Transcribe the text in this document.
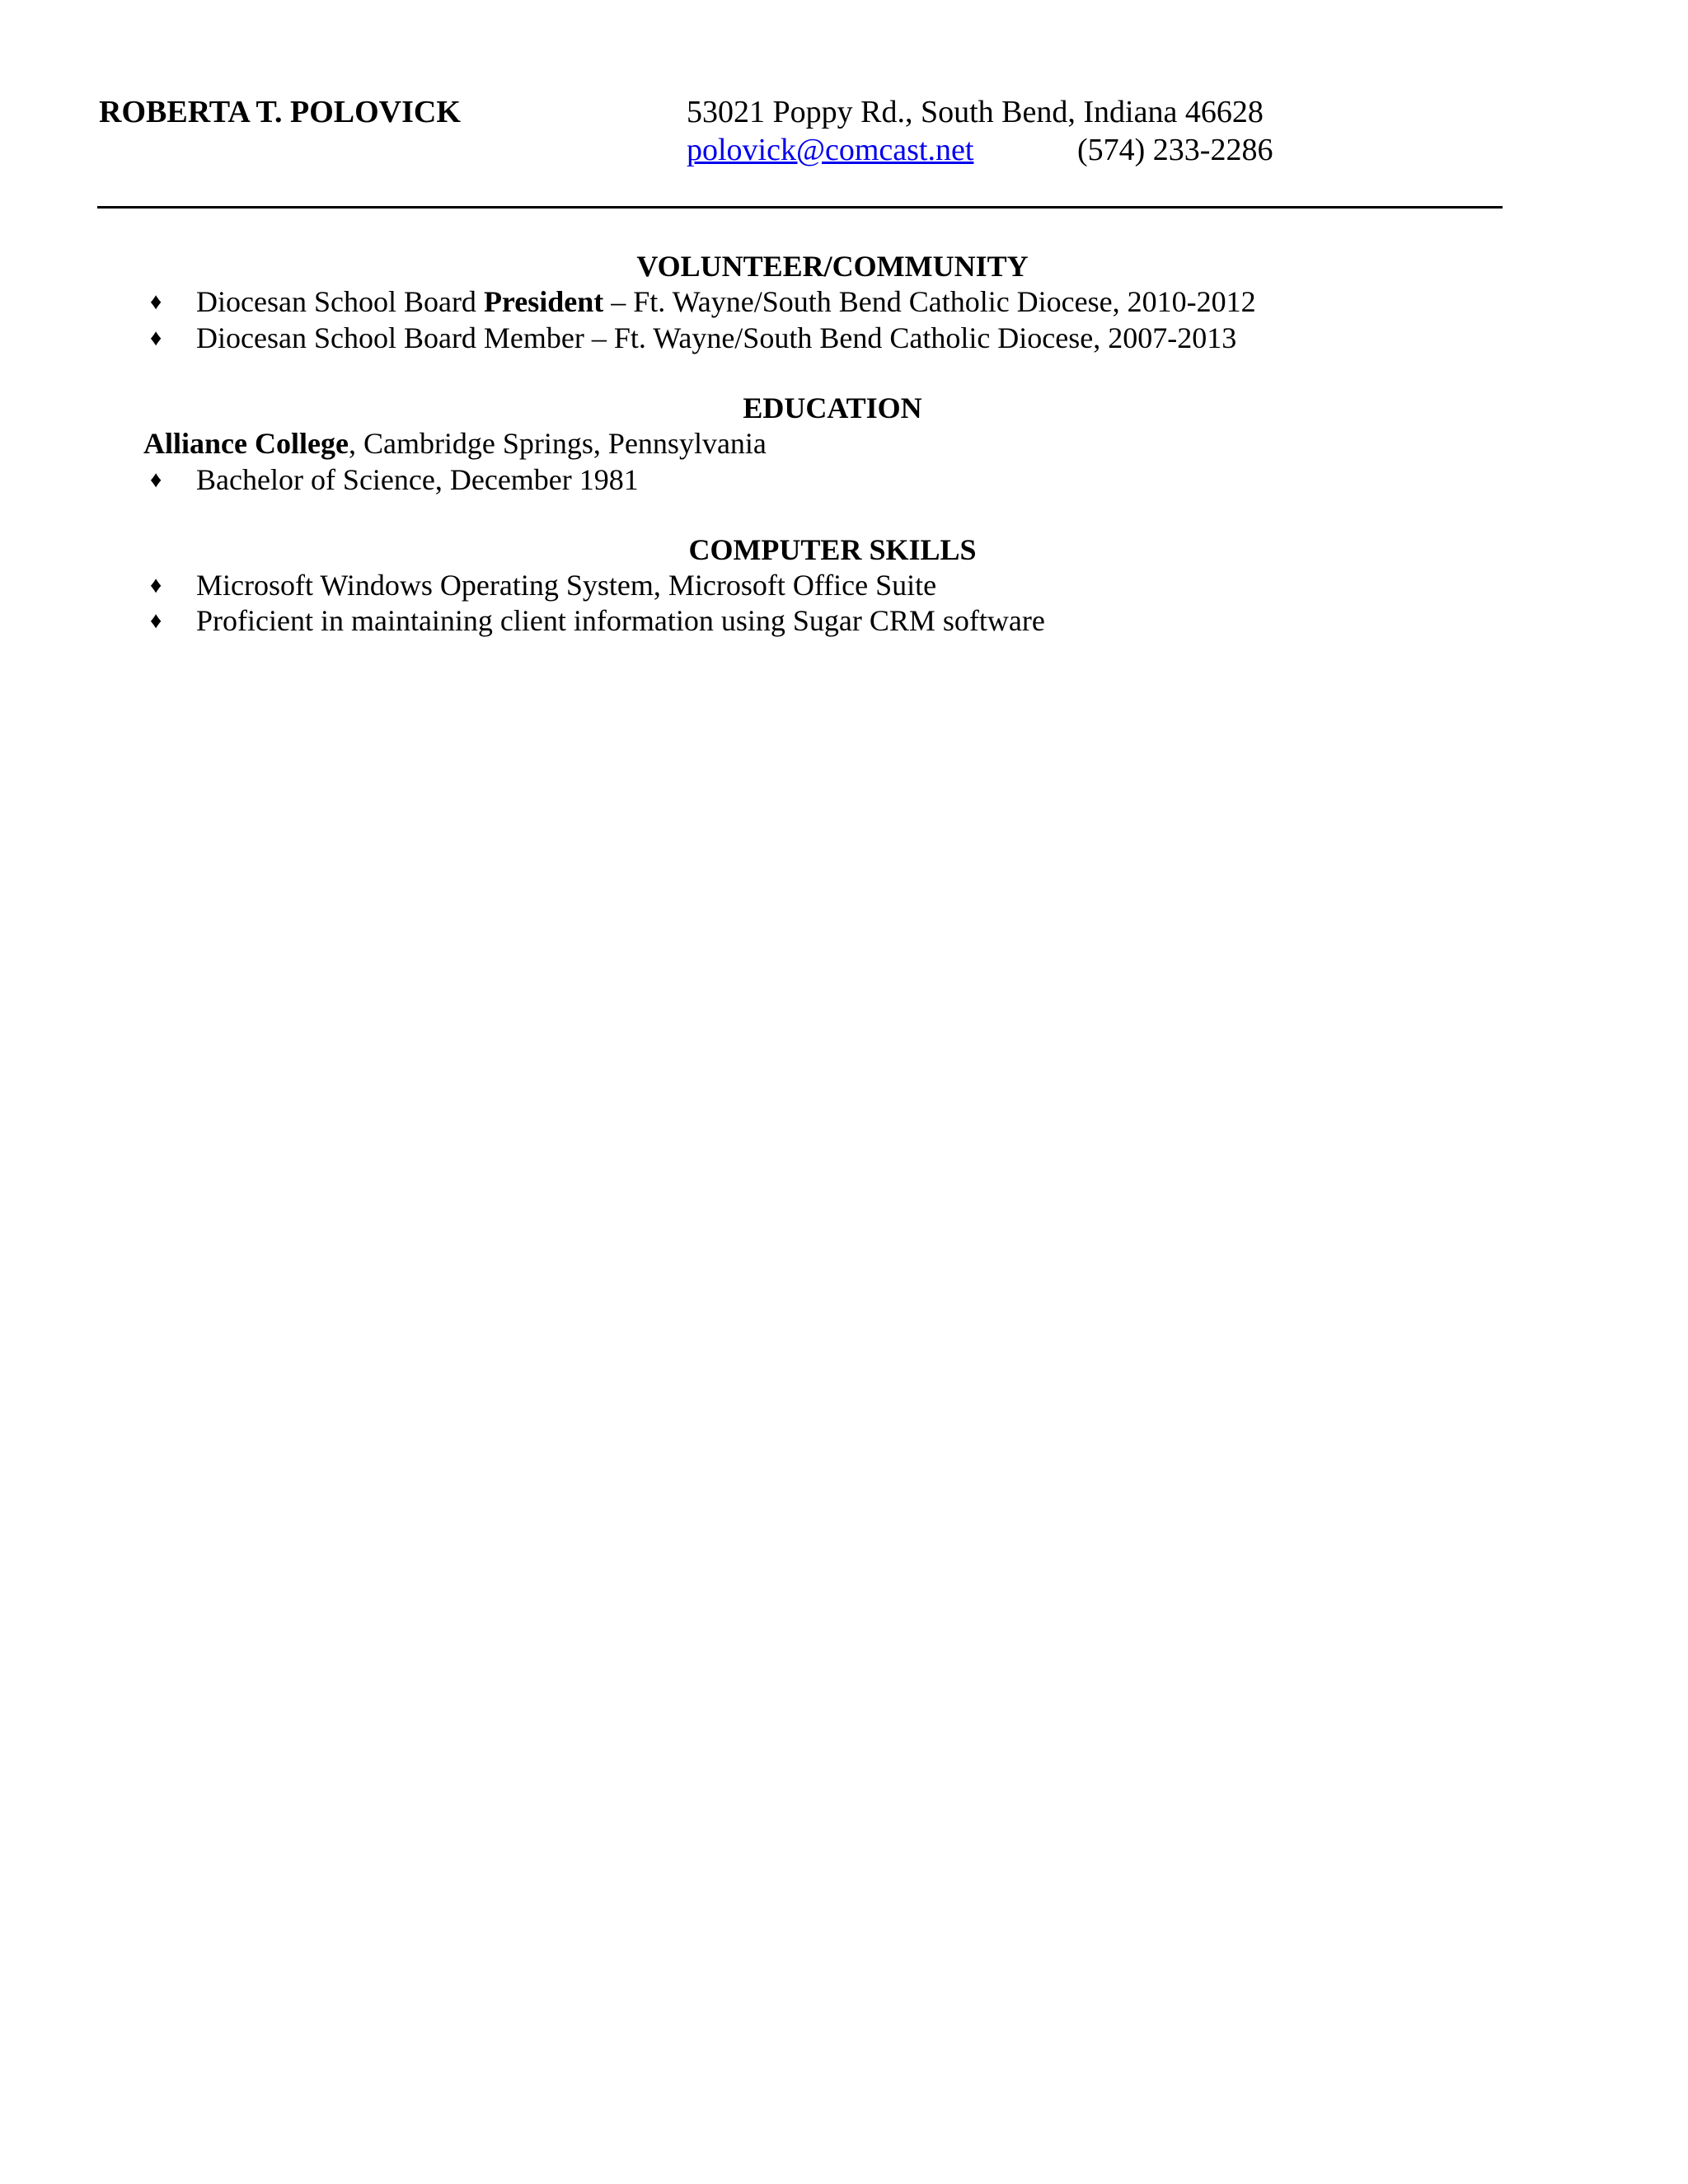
ROBERTA T. POLOVICK	53021 Poppy Rd., South Bend, Indiana 46628
polovick@comcast.net	(574) 233-2286
VOLUNTEER/COMMUNITY
♦ Diocesan School Board President – Ft. Wayne/South Bend Catholic Diocese, 2010-2012
♦ Diocesan School Board Member – Ft. Wayne/South Bend Catholic Diocese, 2007-2013
EDUCATION
Alliance College, Cambridge Springs, Pennsylvania
♦ Bachelor of Science, December 1981
COMPUTER SKILLS
♦ Microsoft Windows Operating System, Microsoft Office Suite
♦ Proficient in maintaining client information using Sugar CRM software
